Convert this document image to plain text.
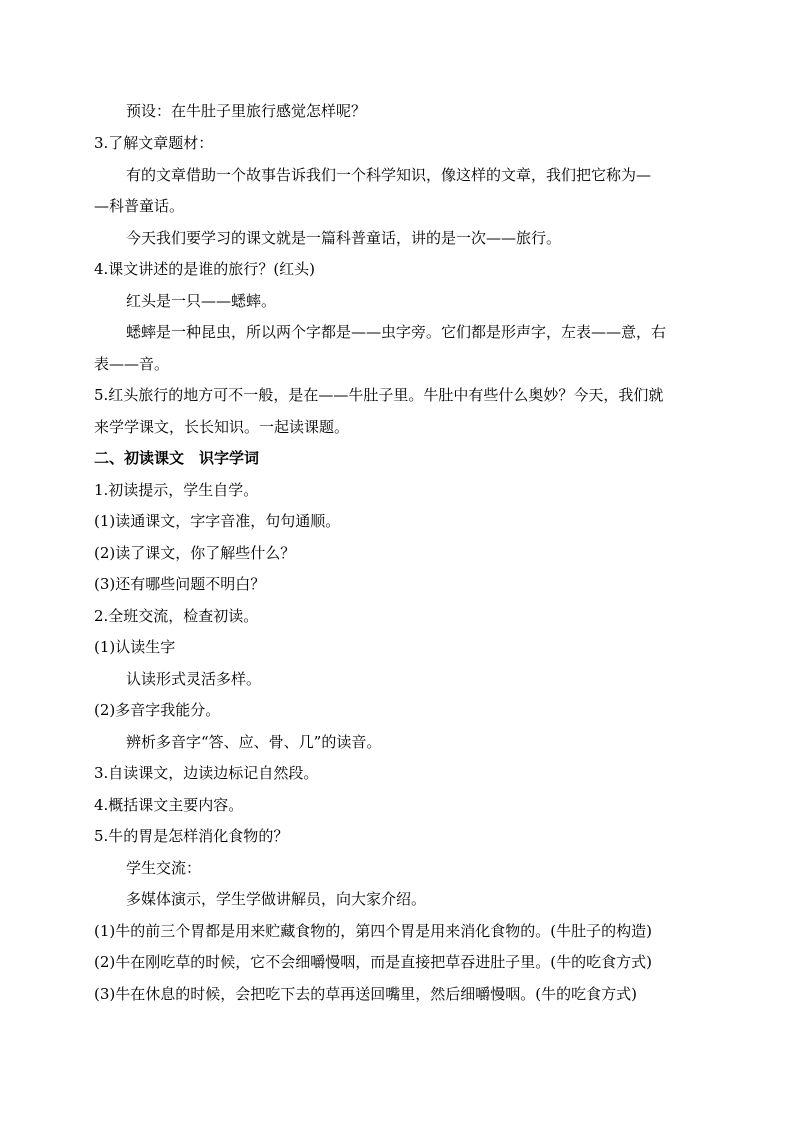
预设：在牛肚子里旅行感觉怎样呢？
3.了解文章题材：
有的文章借助一个故事告诉我们一个科学知识，像这样的文章，我们把它称为—
—科普童话。
今天我们要学习的课文就是一篇科普童话，讲的是一次——旅行。
4.课文讲述的是谁的旅行？(红头)
红头是一只——蟋蟀。
蟋蟀是一种昆虫，所以两个字都是——虫字旁。它们都是形声字，左表——意，右
表——音。
5.红头旅行的地方可不一般，是在——牛肚子里。牛肚中有些什么奥妙？今天，我们就
来学学课文，长长知识。一起读课题。
二、初读课文　识字学词
1.初读提示，学生自学。
(1)读通课文，字字音准，句句通顺。
(2)读了课文，你了解些什么？
(3)还有哪些问题不明白？
2.全班交流，检查初读。
(1)认读生字
认读形式灵活多样。
(2)多音字我能分。
辨析多音字“答、应、骨、几”的读音。
3.自读课文，边读边标记自然段。
4.概括课文主要内容。
5.牛的胃是怎样消化食物的？
学生交流：
多媒体演示，学生学做讲解员，向大家介绍。
(1)牛的前三个胃都是用来贮藏食物的，第四个胃是用来消化食物的。(牛肚子的构造)
(2)牛在刚吃草的时候，它不会细嚼慢咽，而是直接把草吞进肚子里。(牛的吃食方式)
(3)牛在休息的时候，会把吃下去的草再送回嘴里，然后细嚼慢咽。(牛的吃食方式)
